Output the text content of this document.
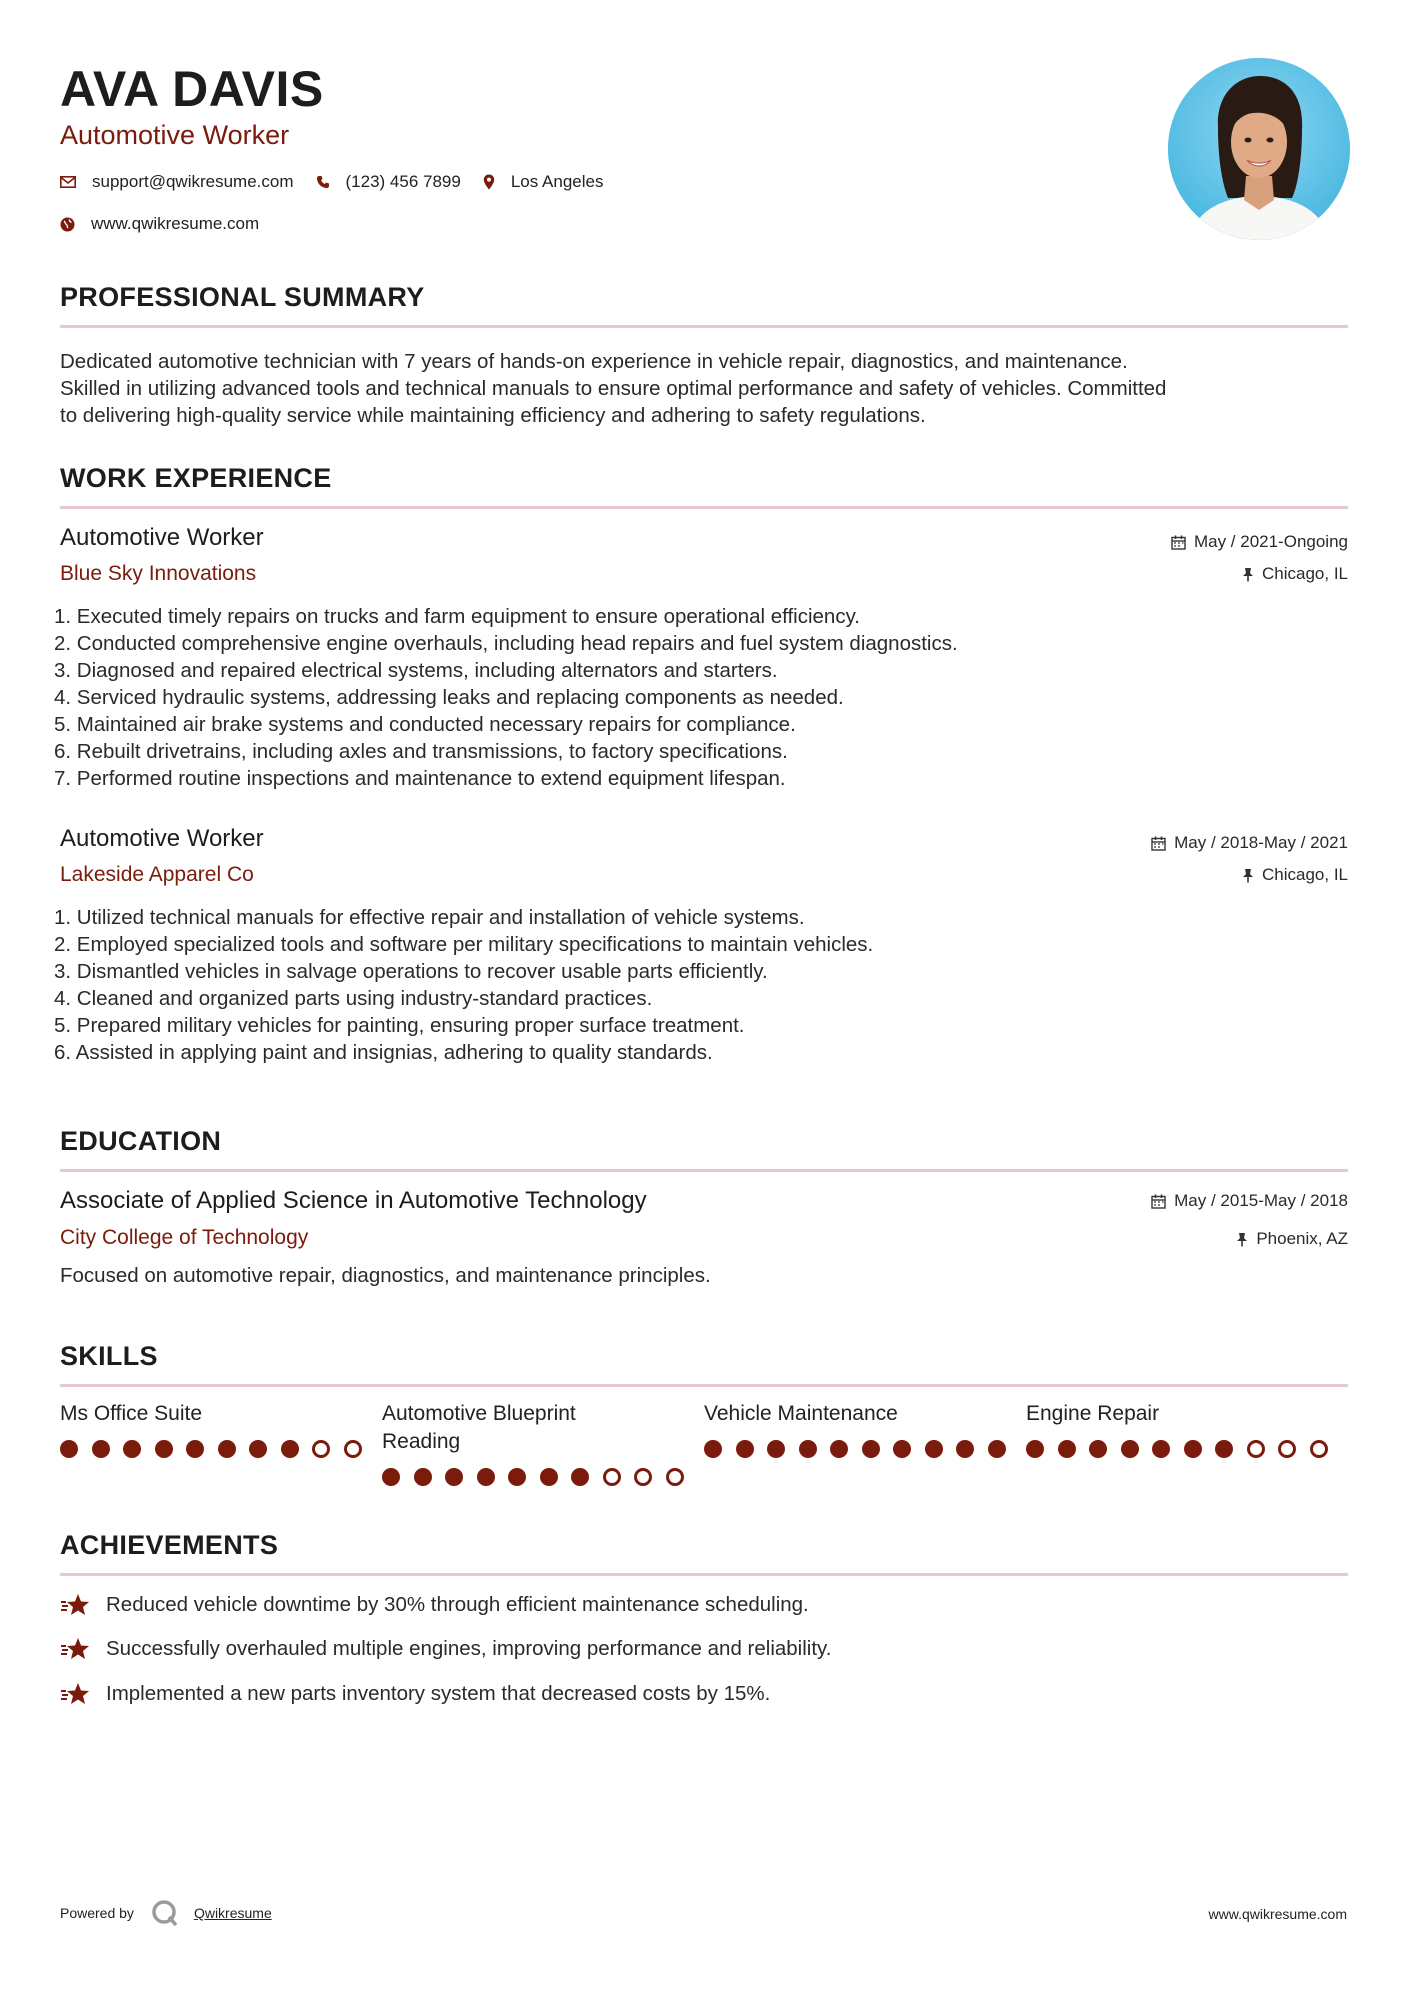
AVA DAVIS
Automotive Worker
support@qwikresume.com	(123) 456 7899	Los Angeles
www.qwikresume.com
PROFESSIONAL SUMMARY
Dedicated automotive technician with 7 years of hands-on experience in vehicle repair, diagnostics, and maintenance.
Skilled in utilizing advanced tools and technical manuals to ensure optimal performance and safety of vehicles. Committed
to delivering high-quality service while maintaining efficiency and adhering to safety regulations.
WORK EXPERIENCE
Automotive Worker
Blue Sky Innovations
May / 2021-Ongoing
Chicago, IL
1. Executed timely repairs on trucks and farm equipment to ensure operational efficiency.
2. Conducted comprehensive engine overhauls, including head repairs and fuel system diagnostics.
3. Diagnosed and repaired electrical systems, including alternators and starters.
4. Serviced hydraulic systems, addressing leaks and replacing components as needed.
5. Maintained air brake systems and conducted necessary repairs for compliance.
6. Rebuilt drivetrains, including axles and transmissions, to factory specifications.
7. Performed routine inspections and maintenance to extend equipment lifespan.
Automotive Worker
Lakeside Apparel Co
May / 2018-May / 2021
Chicago, IL
1. Utilized technical manuals for effective repair and installation of vehicle systems.
2. Employed specialized tools and software per military specifications to maintain vehicles.
3. Dismantled vehicles in salvage operations to recover usable parts efficiently.
4. Cleaned and organized parts using industry-standard practices.
5. Prepared military vehicles for painting, ensuring proper surface treatment.
6. Assisted in applying paint and insignias, adhering to quality standards.
EDUCATION
Associate of Applied Science in Automotive Technology
City College of Technology
May / 2015-May / 2018
Phoenix, AZ
Focused on automotive repair, diagnostics, and maintenance principles.
SKILLS
Ms Office Suite	Automotive Blueprint Reading
Vehicle Maintenance	Engine Repair
ACHIEVEMENTS
Reduced vehicle downtime by 30% through efficient maintenance scheduling.
Successfully overhauled multiple engines, improving performance and reliability.
Implemented a new parts inventory system that decreased costs by 15%.
Powered by	Qwikresume	www.qwikresume.com
